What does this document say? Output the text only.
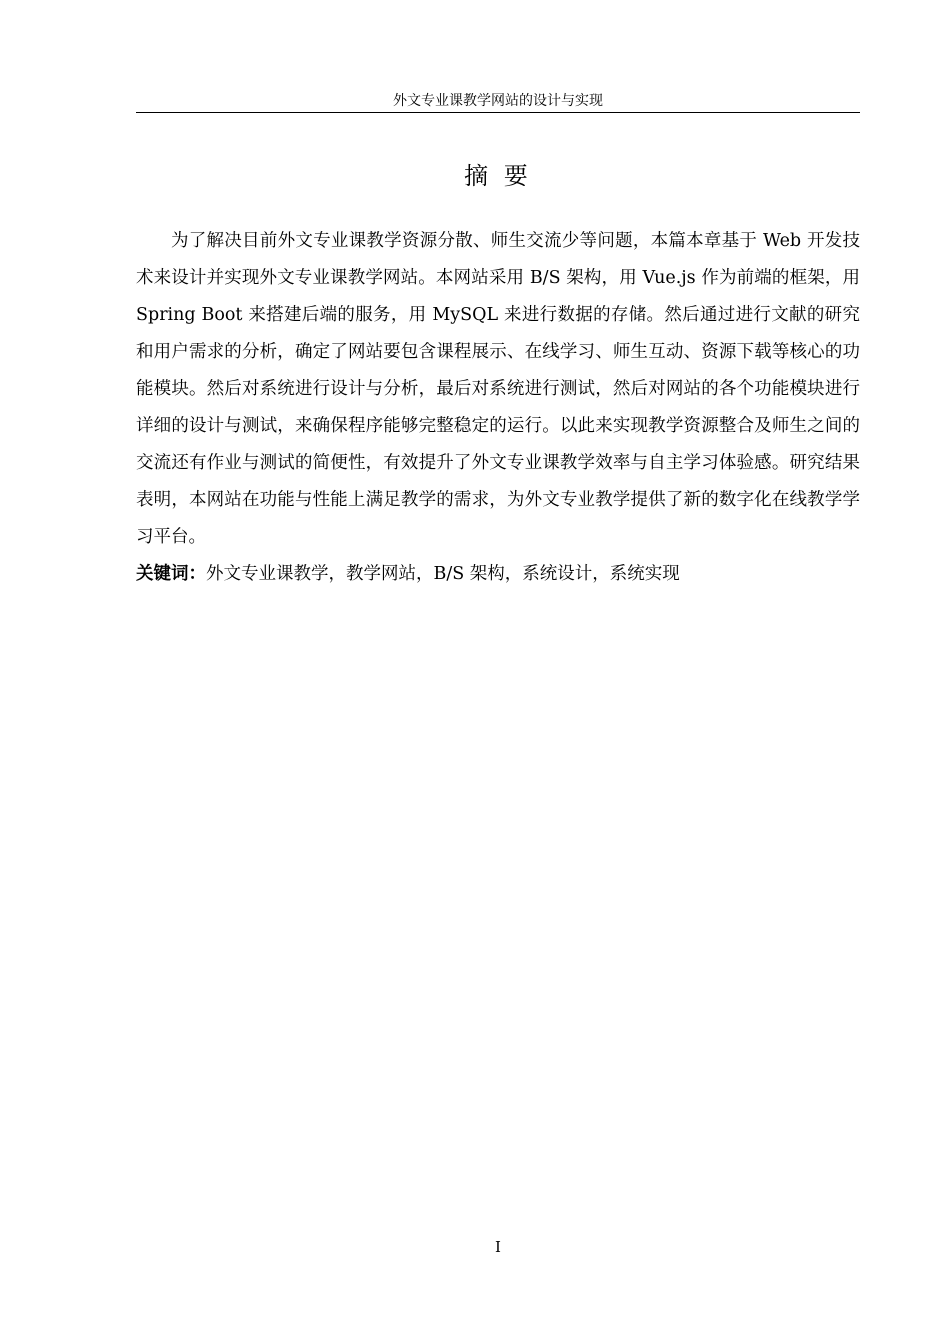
外文专业课教学网站的设计与实现
摘 要

为了解决目前外文专业课教学资源分散、师生交流少等问题，本篇本章基于 Web 开发技术来设计并实现外文专业课教学网站。本网站采用 B/S 架构，用 Vue.js 作为前端的框架，用 Spring Boot 来搭建后端的服务，用 MySQL 来进行数据的存储。然后通过进行文献的研究和用户需求的分析，确定了网站要包含课程展示、在线学习、师生互动、资源下载等核心的功能模块。然后对系统进行设计与分析，最后对系统进行测试，然后对网站的各个功能模块进行详细的设计与测试，来确保程序能够完整稳定的运行。以此来实现教学资源整合及师生之间的交流还有作业与测试的简便性，有效提升了外文专业课教学效率与自主学习体验感。研究结果表明，本网站在功能与性能上满足教学的需求，为外文专业教学提供了新的数字化在线教学学习平台。

关键词：外文专业课教学，教学网站，B/S 架构，系统设计，系统实现
I
